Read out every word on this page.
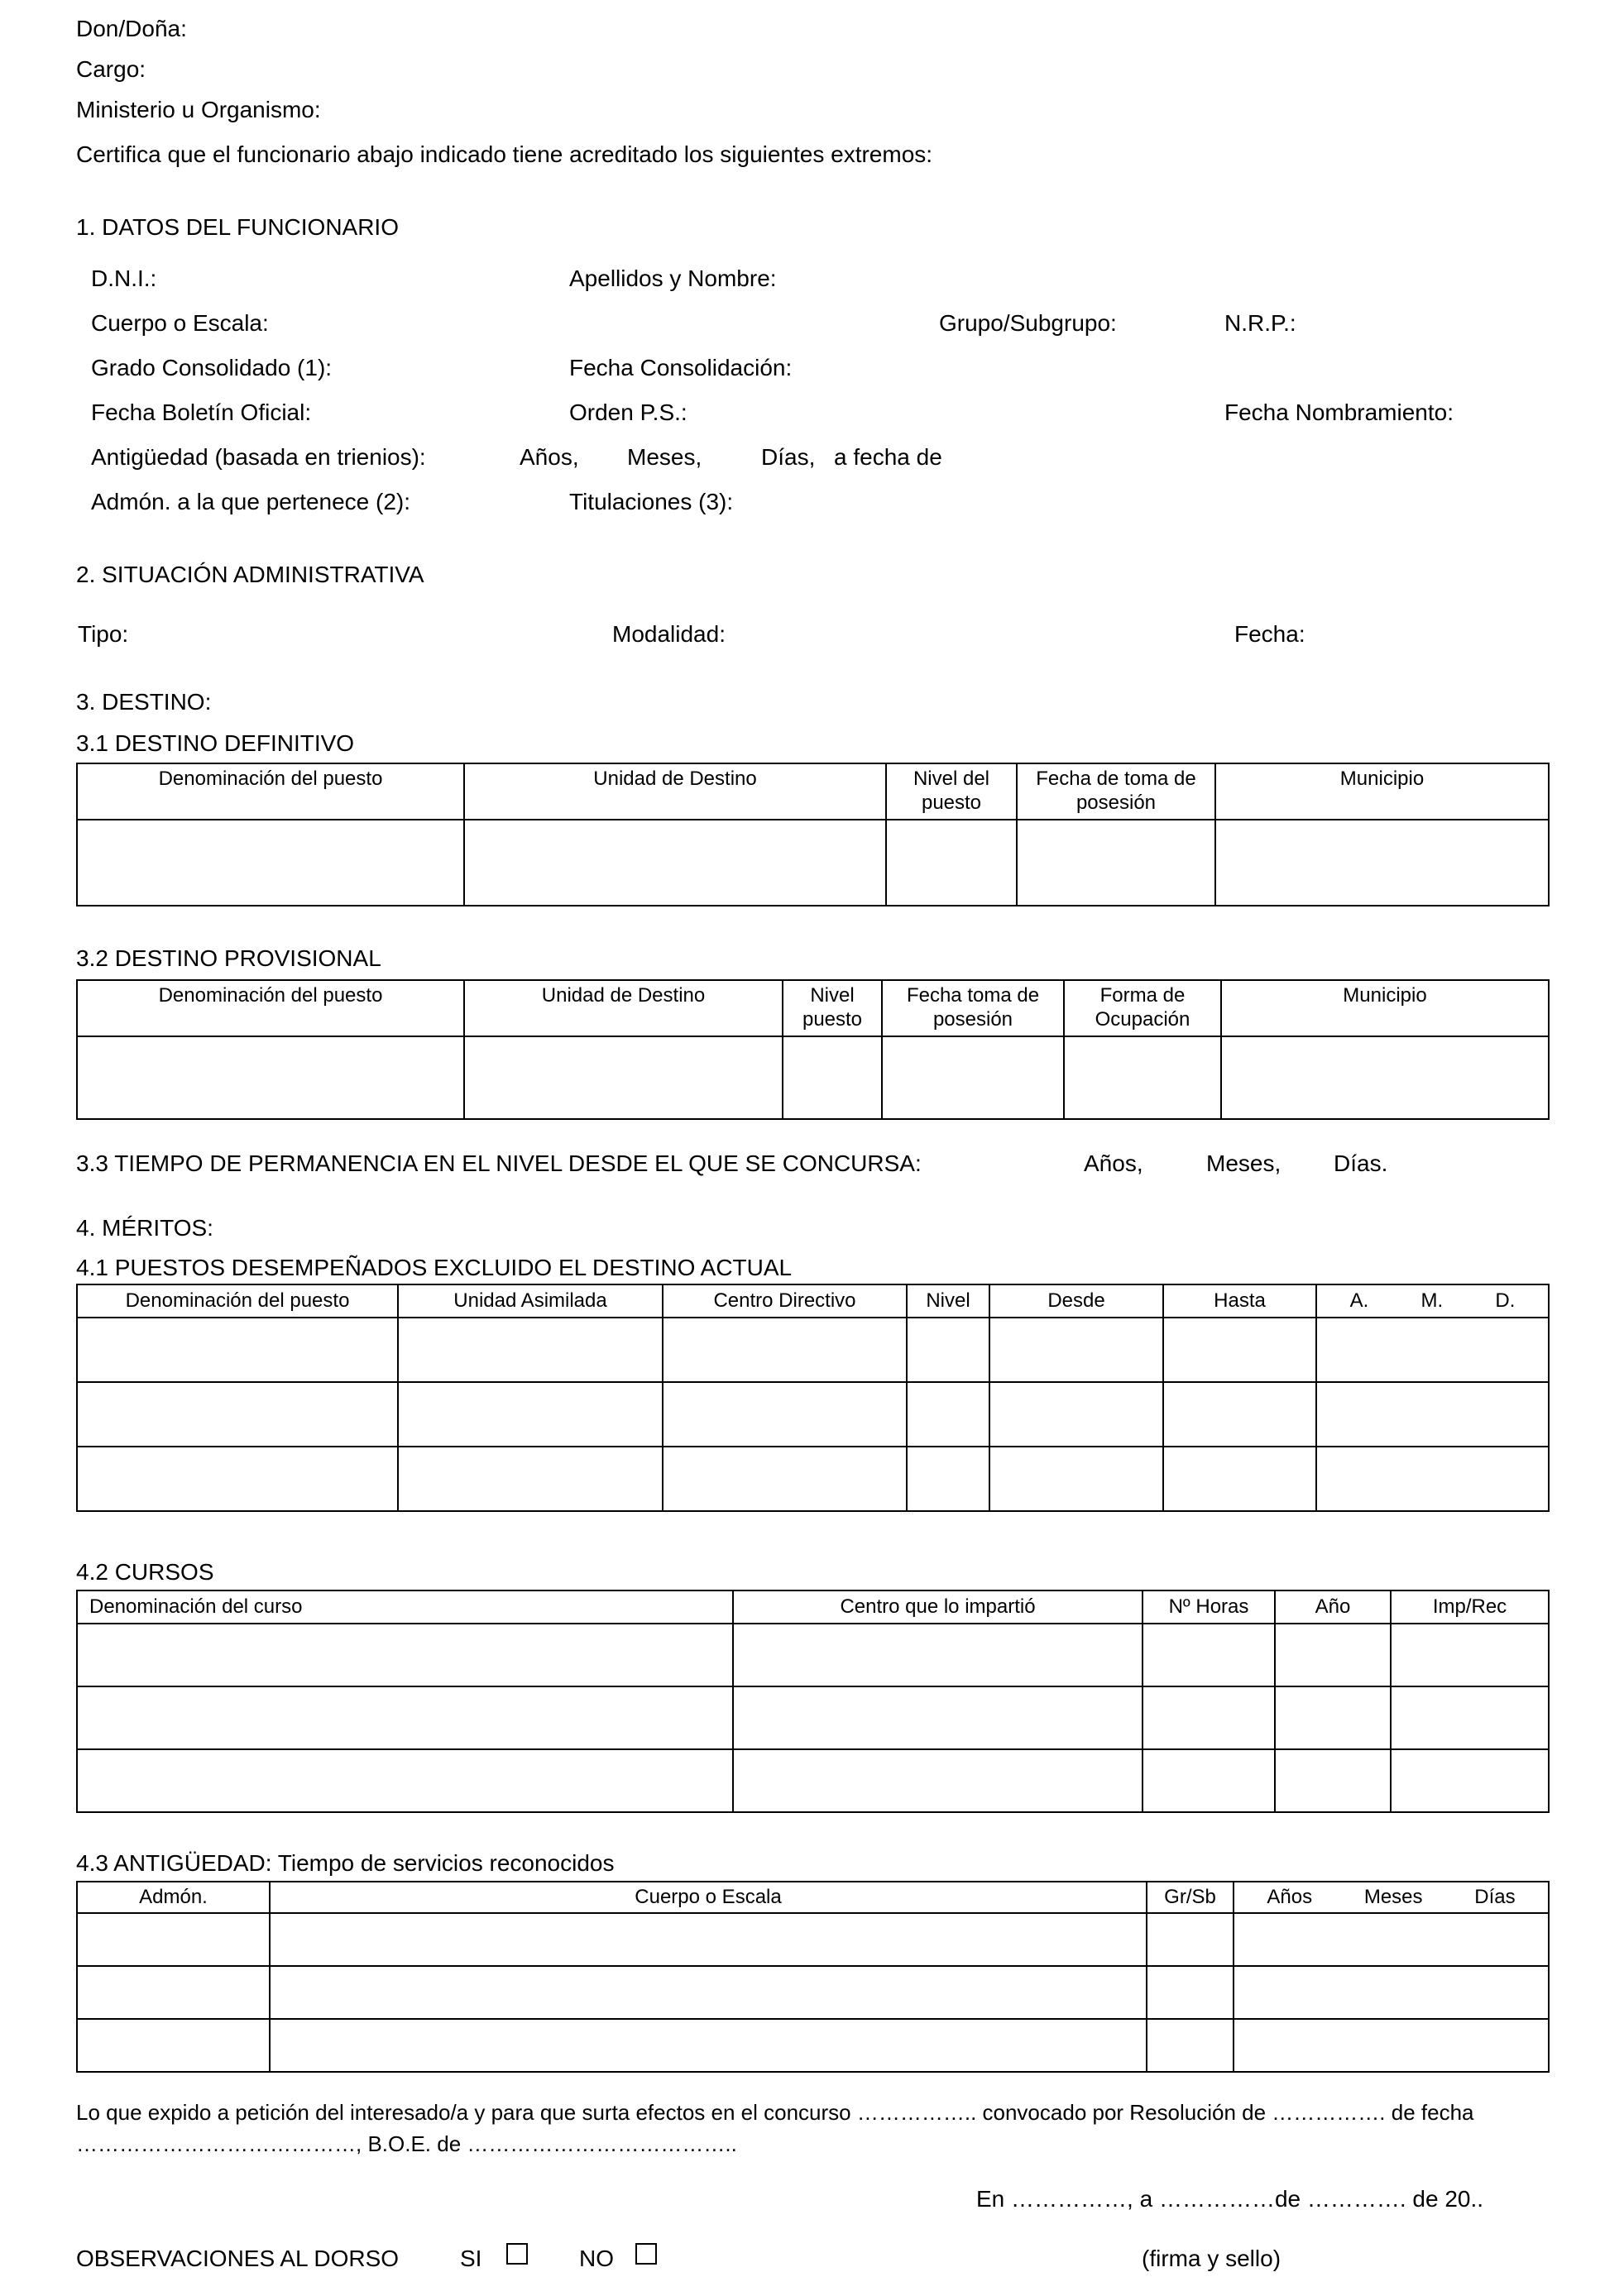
Don/Doña:
Cargo:
Ministerio u Organismo:
Certifica que el funcionario abajo indicado tiene acreditado los siguientes extremos:
1. DATOS DEL FUNCIONARIO
D.N.I.:	Apellidos y Nombre:
Cuerpo o Escala:	Grupo/Subgrupo:	N.R.P.:
Grado Consolidado (1):	Fecha Consolidación:
Fecha Boletín Oficial:	Orden P.S.:	Fecha Nombramiento:
Antigüedad (basada en trienios):	Años, Meses,	Días, a fecha de
Admón. a la que pertenece (2):	Titulaciones (3):
2. SITUACIÓN ADMINISTRATIVA
Tipo:	Modalidad:	Fecha:
3. DESTINO:
3.1 DESTINO DEFINITIVO
Denominación del puesto	Unidad de Destino	Nivel del puesto	Fecha de toma de posesión	Municipio

3.2 DESTINO PROVISIONAL
Denominación del puesto	Unidad de Destino	Nivel puesto	Fecha toma de posesión	Forma de Ocupación	Municipio

3.3 TIEMPO DE PERMANENCIA EN EL NIVEL DESDE EL QUE SE CONCURSA:	Años,	Meses, Días.
4. MÉRITOS:
4.1 PUESTOS DESEMPEÑADOS EXCLUIDO EL DESTINO ACTUAL
Denominación del puesto	Unidad Asimilada	Centro Directivo	Nivel	Desde	Hasta	A. M. D.

4.2 CURSOS
Denominación del curso	Centro que lo impartió	Nº Horas	Año	Imp/Rec

4.3 ANTIGÜEDAD: Tiempo de servicios reconocidos
Admón.	Cuerpo o Escala	Gr/Sb	Años Meses Días

Lo que expido a petición del interesado/a y para que surta efectos en el concurso …………….. convocado por Resolución de ……………. de fecha …………………………………, B.O.E. de ………………………………..
En ……………, a ……………de …………. de 20..
OBSERVACIONES AL DORSO	SI	NO	(firma y sello)
